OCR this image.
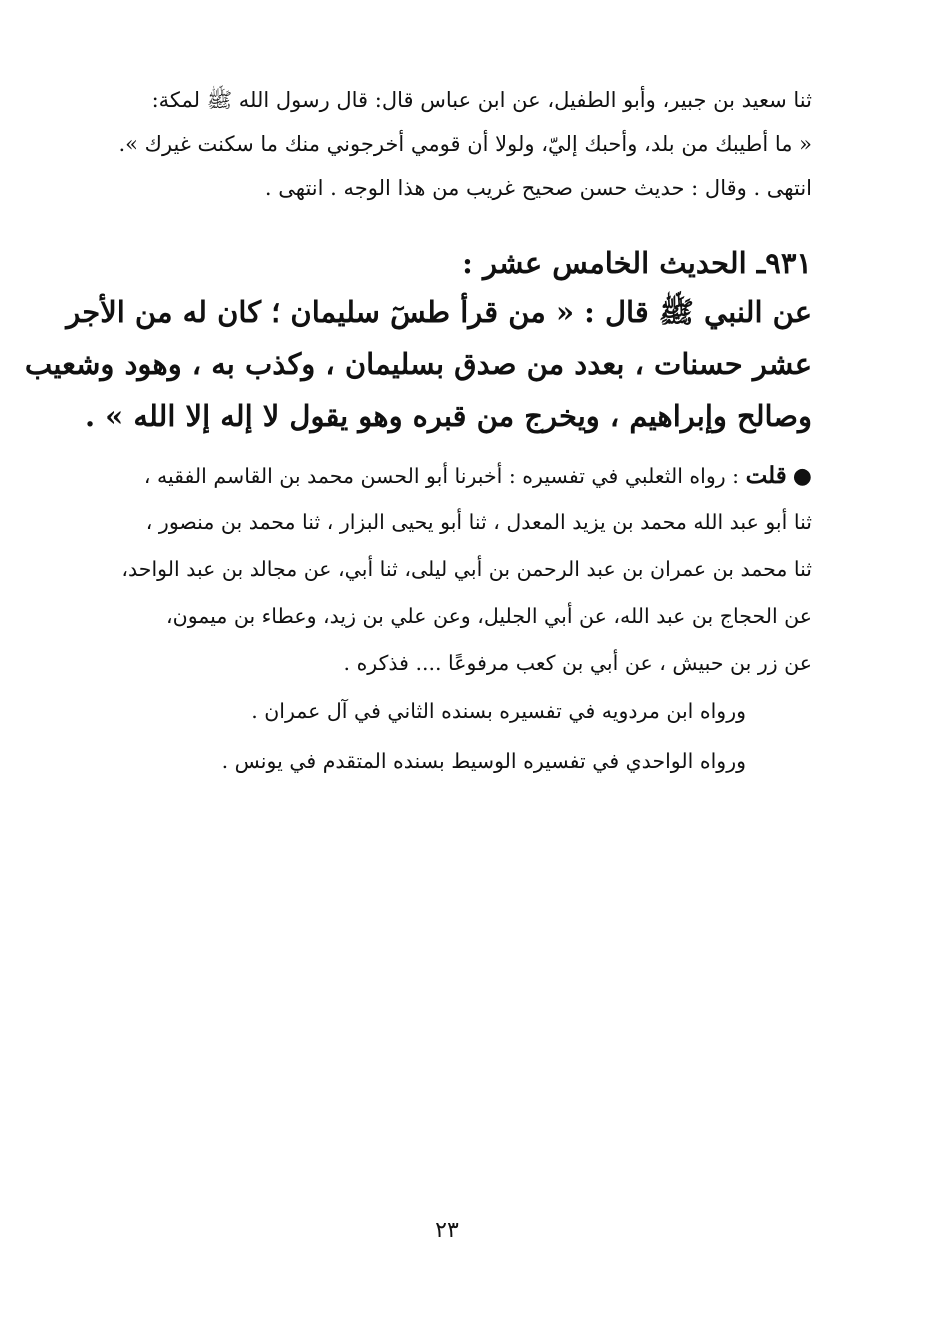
ثنا سعيد بن جبير، وأبو الطفيل، عن ابن عباس قال: قال رسول الله ﷺ لمكة:
« ما أطيبك من بلد، وأحبك إليّ، ولولا أن قومي أخرجوني منك ما سكنت غيرك ».
انتهى . وقال : حديث حسن صحيح غريب من هذا الوجه . انتهى .
٩٣١ـ الحديث الخامس عشر :
عن النبي ﷺ قال : « من قرأ طسٓ سليمان ؛ كان له من الأجر
عشر حسنات ، بعدد من صدق بسليمان ، وكذب به ، وهود وشعيب
وصالح وإبراهيم ، ويخرج من قبره وهو يقول لا إله إلا الله » .
●قلت : رواه الثعلبي في تفسيره : أخبرنا أبو الحسن محمد بن القاسم الفقيه ،
ثنا أبو عبد الله محمد بن يزيد المعدل ، ثنا أبو يحيى البزار ، ثنا محمد بن منصور ،
ثنا محمد بن عمران بن عبد الرحمن بن أبي ليلى، ثنا أبي، عن مجالد بن عبد الواحد،
عن الحجاج بن عبد الله، عن أبي الجليل، وعن علي بن زيد، وعطاء بن ميمون،
عن زر بن حبيش ، عن أبي بن كعب مرفوعًا .... فذكره .
ورواه ابن مردويه في تفسيره بسنده الثاني في آل عمران .
ورواه الواحدي في تفسيره الوسيط بسنده المتقدم في يونس .
٢٣
